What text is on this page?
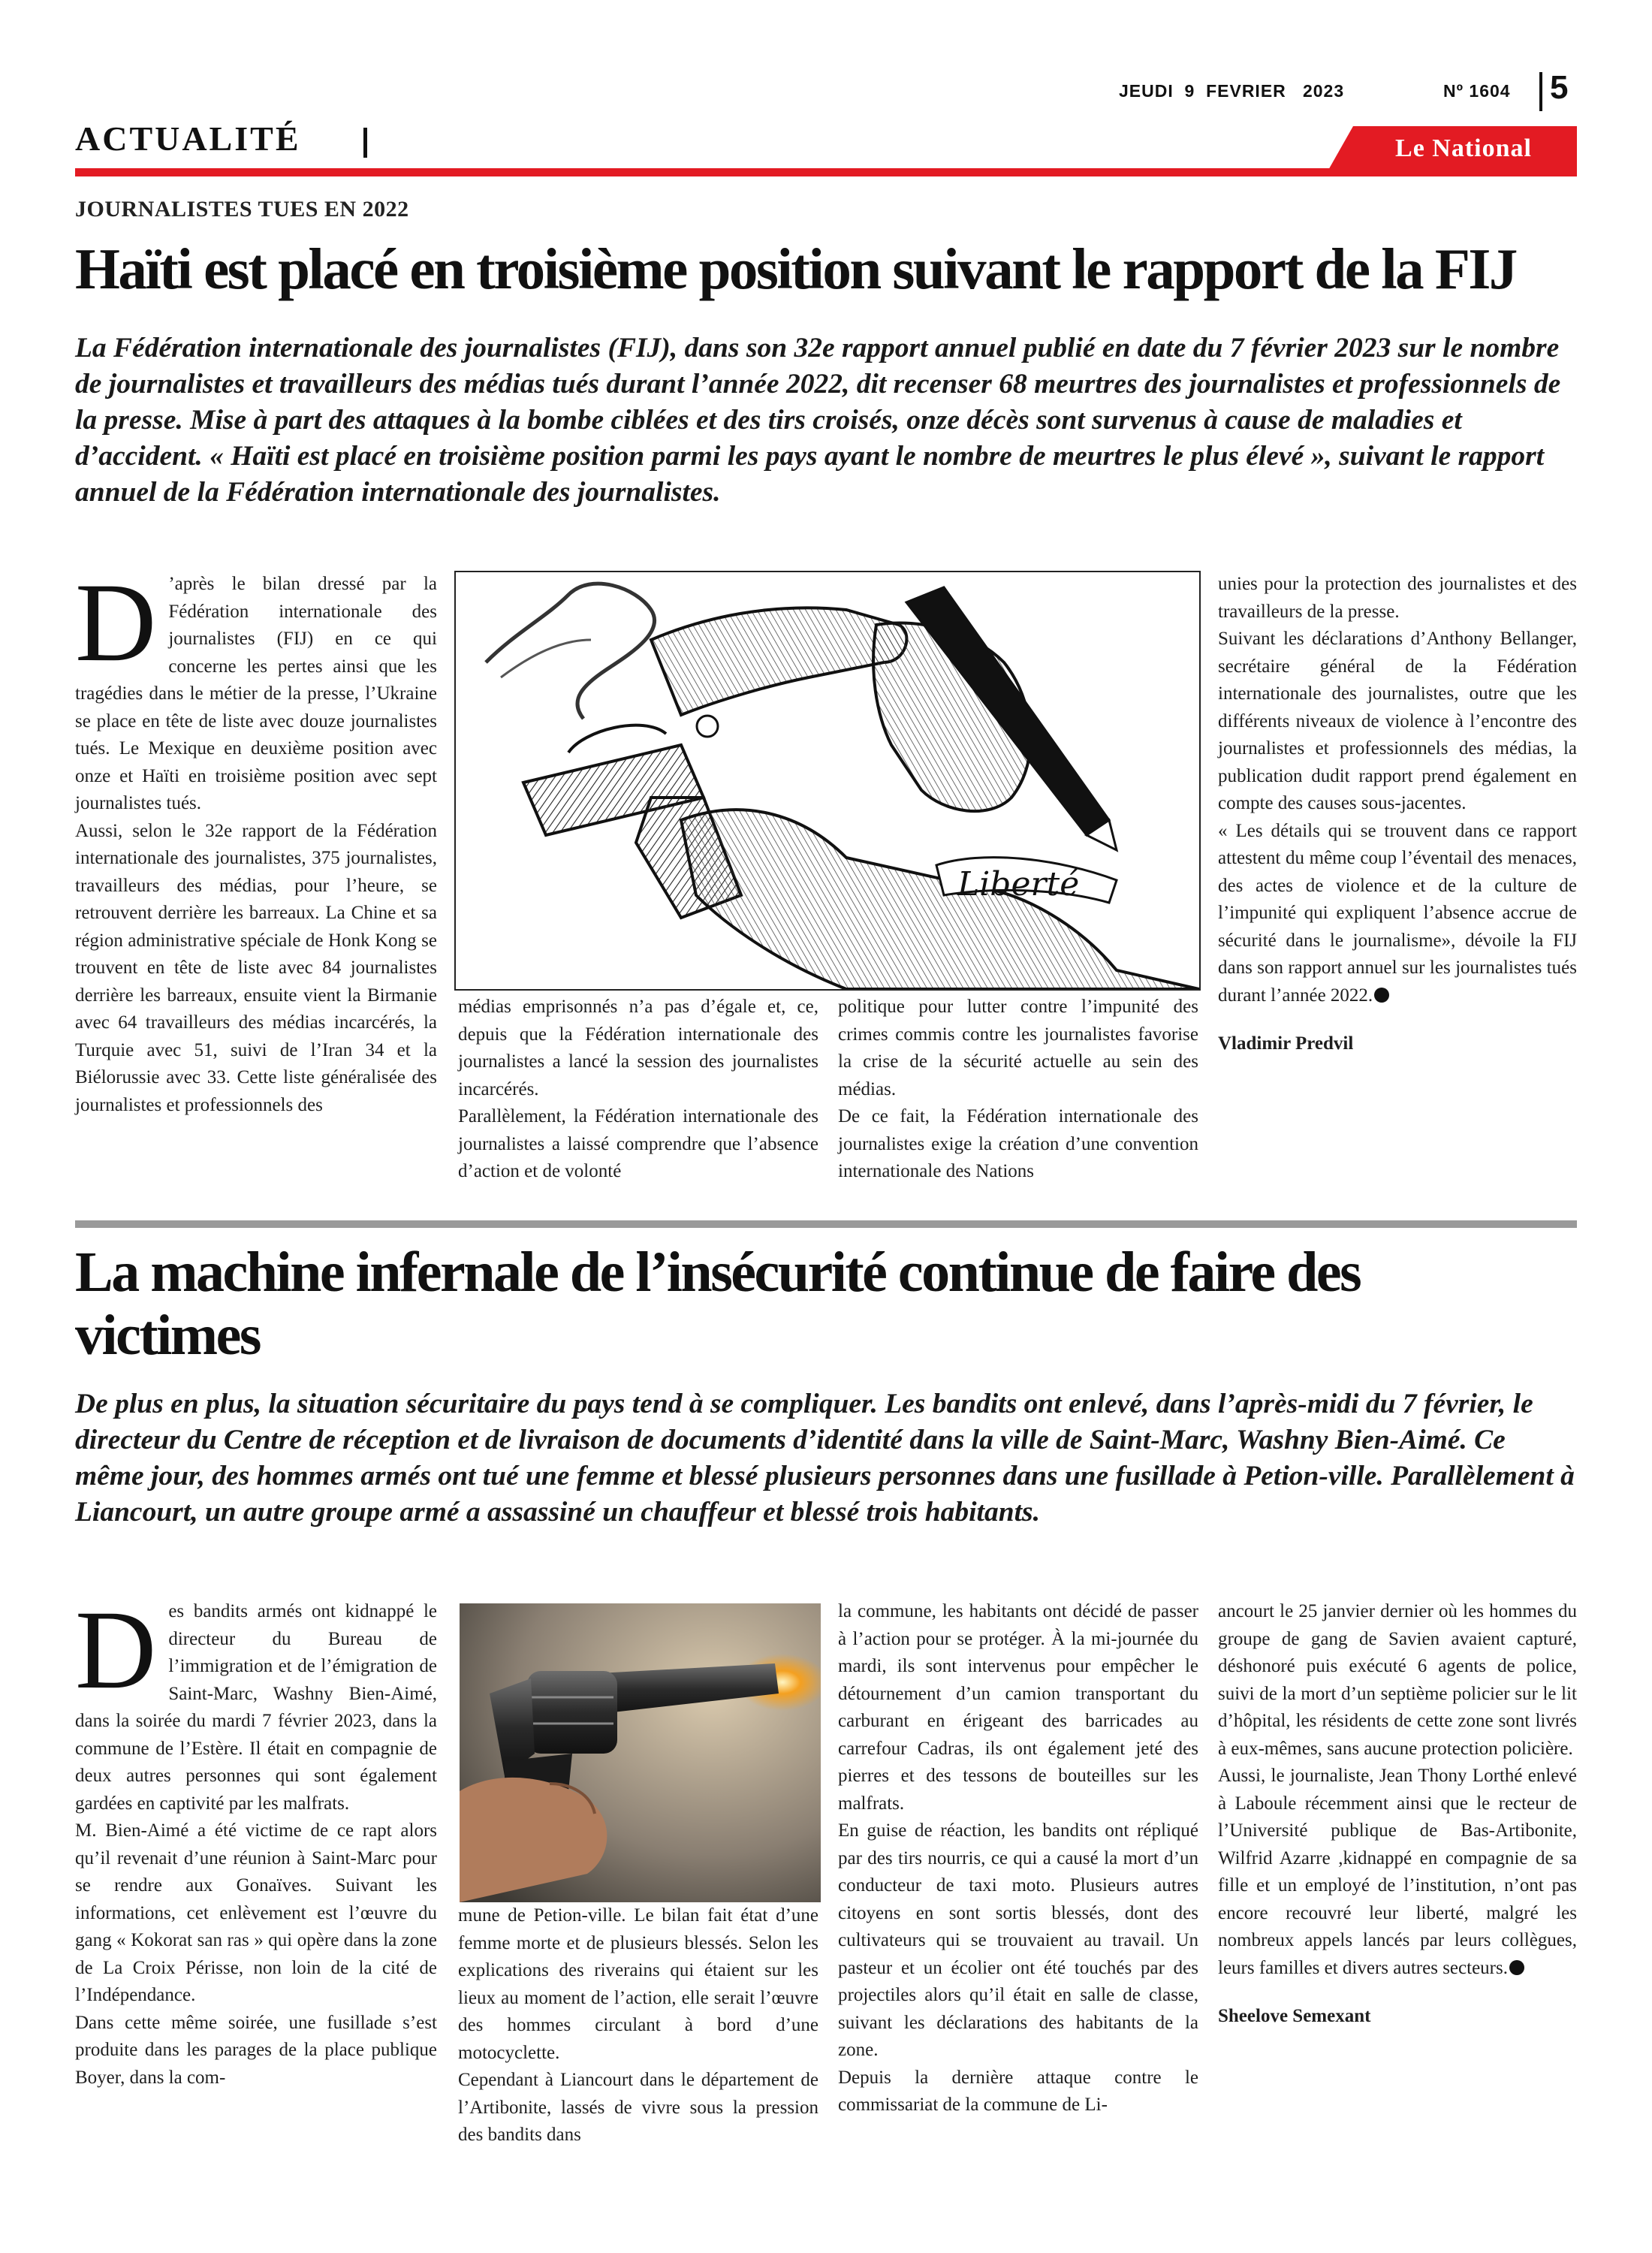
JEUDI  9  FEVRIER   2023	Nº 1604 5
ACTUALITÉ	Le National
JOURNALISTES TUES EN 2022
Haïti est placé en troisième position suivant le rapport de la FIJ

La Fédération internationale des journalistes (FIJ), dans son 32e rapport annuel publié en date du 7 février 2023 sur le nombre de journalistes et travailleurs des médias tués durant l’année 2022, dit recenser 68 meurtres des journalistes et professionnels de la presse. Mise à part des attaques à la bombe ciblées et des tirs croisés, onze décès sont survenus à cause de maladies et d’accident. « Haïti est placé en troisième position parmi les pays ayant le nombre de meurtres le plus élevé », suivant le rapport annuel de la Fédération internationale des journalistes.

D ’après le bilan dressé par la Fédération internationale des journalistes (FIJ) en ce qui concerne les pertes ainsi que les tragédies dans le métier de la presse, l’Ukraine se place en tête de liste avec douze journalistes tués. Le Mexique en deuxième position avec onze et Haïti en troisième position avec sept journalistes tués.

Aussi, selon le 32e rapport de la Fédération internationale des journalistes, 375 journalistes, travailleurs des médias, pour l’heure, se retrouvent derrière les barreaux. La Chine et sa région administrative spéciale de Honk Kong se trouvent en tête de liste avec 84 journalistes derrière les barreaux, ensuite vient la Birmanie avec 64 travailleurs des médias incarcérés, la Turquie avec 51, suivi de l’Iran 34 et la Biélorussie avec 33. Cette liste généralisée des journalistes et professionnels des

Liberté

médias emprisonnés n’a pas d’égale et, ce, depuis que la Fédération internationale des journalistes a lancé la session des journalistes incarcérés.

Parallèlement, la Fédération internationale des journalistes a laissé comprendre que l’absence d’action et de volonté

politique pour lutter contre l’impunité des crimes commis contre les journalistes favorise la crise de la sécurité actuelle au sein des médias.

De ce fait, la Fédération internationale des journalistes exige la création d’une convention internationale des Nations

unies pour la protection des journalistes et des travailleurs de la presse.

Suivant les déclarations d’Anthony Bellanger, secrétaire général de la Fédération internationale des journalistes, outre que les différents niveaux de violence à l’encontre des journalistes et professionnels des médias, la publication dudit rapport prend également en compte des causes sous-jacentes.

« Les détails qui se trouvent dans ce rapport attestent du même coup l’éventail des menaces, des actes de violence et de la culture de l’impunité qui expliquent l’absence accrue de sécurité dans le journalisme», dévoile la FIJ dans son rapport annuel sur les journalistes tués durant l’année 2022.

Vladimir Predvil

La machine infernale de l’insécurité continue de faire des victimes

De plus en plus, la situation sécuritaire du pays tend à se compliquer. Les bandits ont enlevé, dans l’après-midi du 7 février, le directeur du Centre de réception et de livraison de documents d’identité dans la ville de Saint-Marc, Washny Bien-Aimé. Ce même jour, des hommes armés ont tué une femme et blessé plusieurs personnes dans une fusillade à Petion-ville. Parallèlement à Liancourt, un autre groupe armé a assassiné un chauffeur et blessé trois habitants.

D es bandits armés ont kidnappé le directeur du Bureau de l’immigration et de l’émigration de Saint-Marc, Washny Bien-Aimé, dans la soirée du mardi 7 février 2023, dans la commune de l’Estère. Il était en compagnie de deux autres personnes qui sont également gardées en captivité par les malfrats.

M. Bien-Aimé a été victime de ce rapt alors qu’il revenait d’une réunion à Saint-Marc pour se rendre aux Gonaïves. Suivant les informations, cet enlèvement est l’œuvre du gang « Kokorat san ras » qui opère dans la zone de La Croix Périsse, non loin de la cité de l’Indépendance.

Dans cette même soirée, une fusillade s’est produite dans les parages de la place publique Boyer, dans la com-

mune de Petion-ville. Le bilan fait état d’une femme morte et de plusieurs blessés. Selon les explications des riverains qui étaient sur les lieux au moment de l’action, elle serait l’œuvre des hommes circulant à bord d’une motocyclette.

Cependant à Liancourt dans le département de l’Artibonite, lassés de vivre sous la pression des bandits dans

la commune, les habitants ont décidé de passer à l’action pour se protéger. À la mi-journée du mardi, ils sont intervenus pour empêcher le détournement d’un camion transportant du carburant en érigeant des barricades au carrefour Cadras, ils ont également jeté des pierres et des tessons de bouteilles sur les malfrats.

En guise de réaction, les bandits ont répliqué par des tirs nourris, ce qui a causé la mort d’un conducteur de taxi moto. Plusieurs autres citoyens en sont sortis blessés, dont des cultivateurs qui se trouvaient au travail. Un pasteur et un écolier ont été touchés par des projectiles alors qu’il était en salle de classe, suivant les déclarations des habitants de la zone.

Depuis la dernière attaque contre le commissariat de la commune de Li-

ancourt le 25 janvier dernier où les hommes du groupe de gang de Savien avaient capturé, déshonoré puis exécuté 6 agents de police, suivi de la mort d’un septième policier sur le lit d’hôpital, les résidents de cette zone sont livrés à eux-mêmes, sans aucune protection policière.

Aussi, le journaliste, Jean Thony Lorthé enlevé à Laboule récemment ainsi que le recteur de l’Université publique de Bas-Artibonite, Wilfrid Azarre ,kidnappé en compagnie de sa fille et un employé de l’institution, n’ont pas encore recouvré leur liberté, malgré les nombreux appels lancés par leurs collègues, leurs familles et divers autres secteurs.

Sheelove Semexant
